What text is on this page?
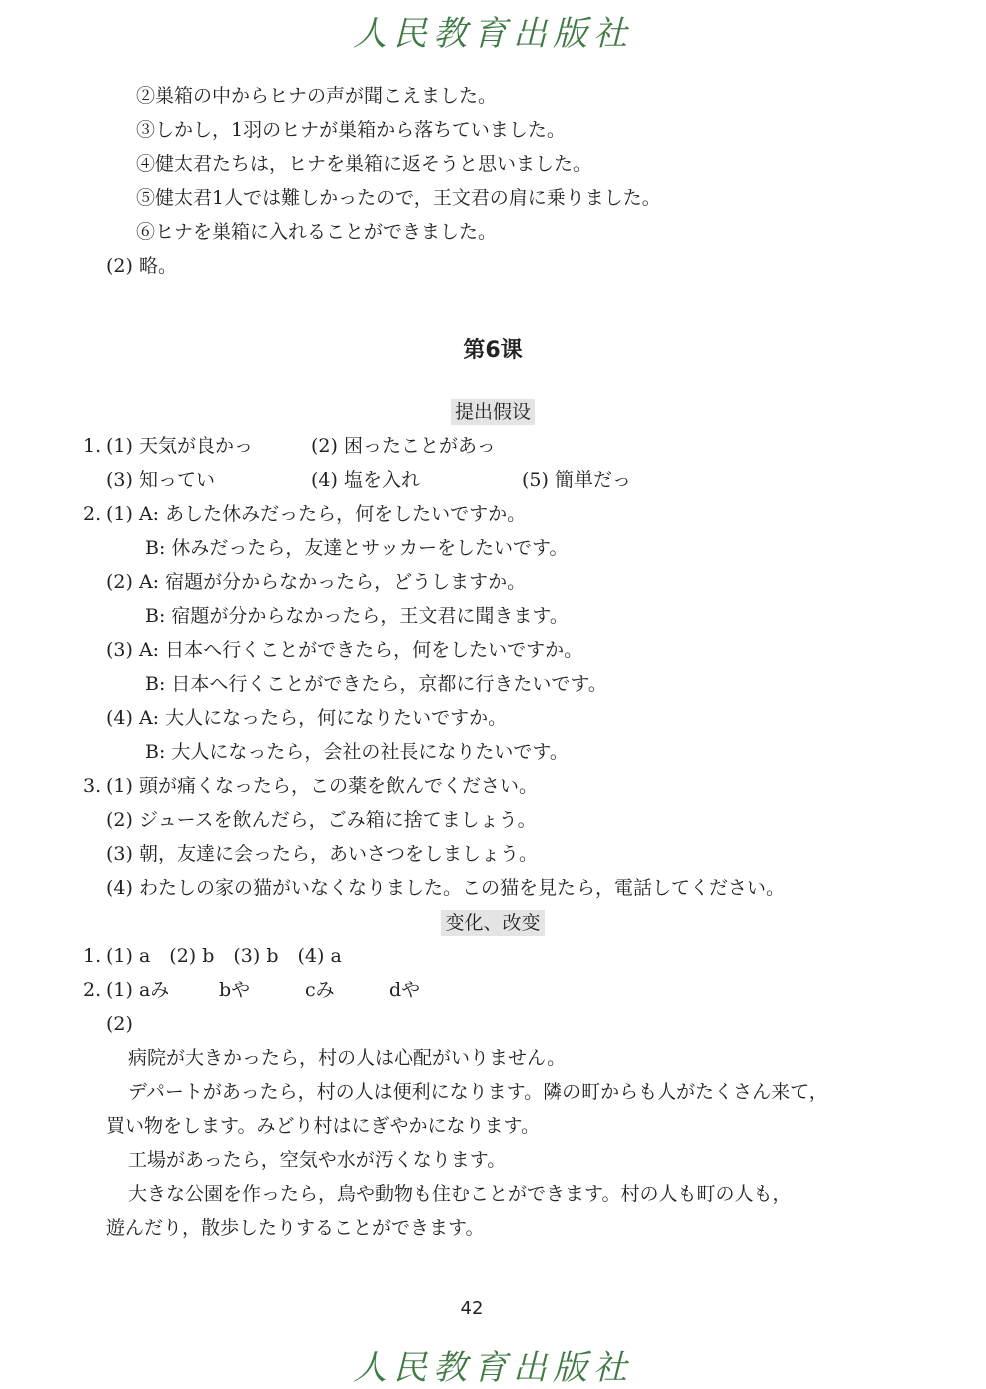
人民教育出版社
②巣箱の中からヒナの声が聞こえました。
③しかし，1羽のヒナが巣箱から落ちていました。
④健太君たちは，ヒナを巣箱に返そうと思いました。
⑤健太君1人では難しかったので，王文君の肩に乗りました。
⑥ヒナを巣箱に入れることができました。
(2) 略。
第6课
提出假设
1. (1) 天気が良かっ	(2) 困ったことがあっ
(3) 知ってい	(4) 塩を入れ	(5) 簡単だっ
2. (1) A: あした休みだったら，何をしたいですか。
B: 休みだったら，友達とサッカーをしたいです。
(2) A: 宿題が分からなかったら，どうしますか。
B: 宿題が分からなかったら，王文君に聞きます。
(3) A: 日本へ行くことができたら，何をしたいですか。
B: 日本へ行くことができたら，京都に行きたいです。
(4) A: 大人になったら，何になりたいですか。
B: 大人になったら，会社の社長になりたいです。
3. (1) 頭が痛くなったら，この薬を飲んでください。
(2) ジュースを飲んだら，ごみ箱に捨てましょう。
(3) 朝，友達に会ったら，あいさつをしましょう。
(4) わたしの家の猫がいなくなりました。この猫を見たら，電話してください。
变化、改变
1. (1) a　(2) b　(3) b　(4) a
2. (1) aみ	bや	cみ	dや
(2)
病院が大きかったら，村の人は心配がいりません。
デパートがあったら，村の人は便利になります。隣の町からも人がたくさん来て，
買い物をします。みどり村はにぎやかになります。
工場があったら，空気や水が汚くなります。
大きな公園を作ったら，鳥や動物も住むことができます。村の人も町の人も，
遊んだり，散歩したりすることができます。
42
人民教育出版社
